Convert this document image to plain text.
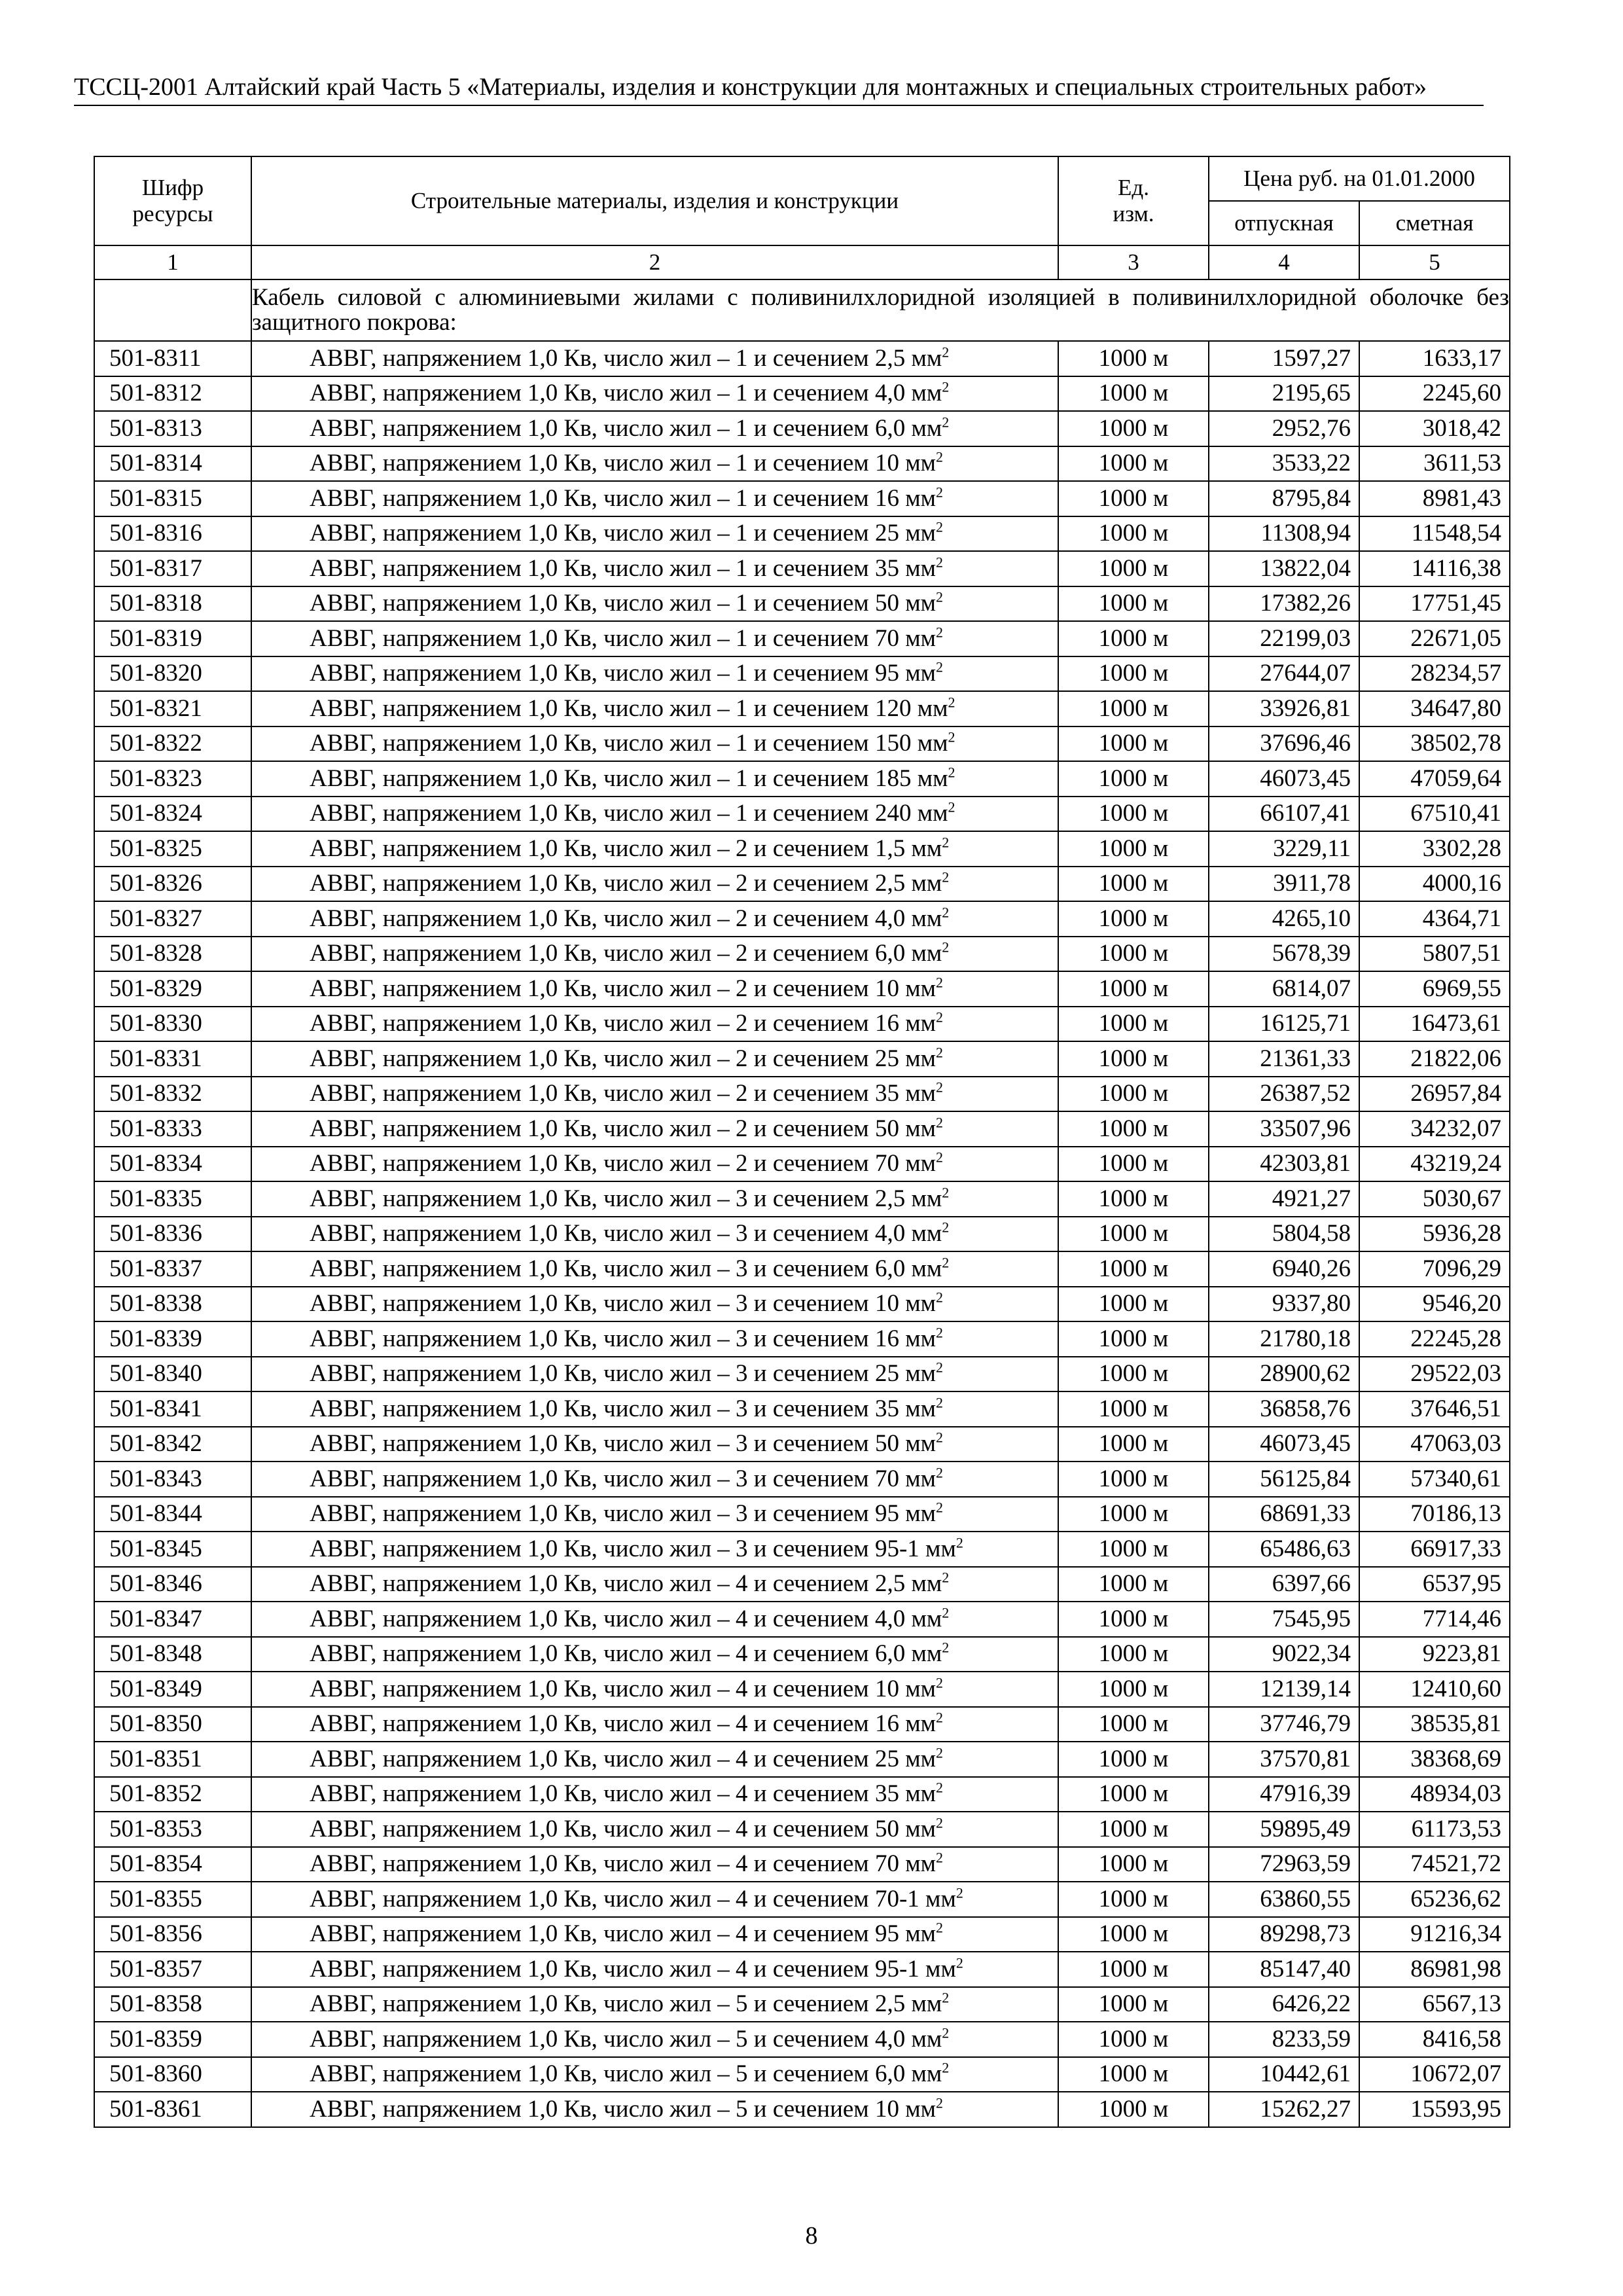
ТССЦ-2001 Алтайский край Часть 5 «Материалы, изделия и конструкции для монтажных и специальных строительных работ»
Шифр ресурсы	Строительные материалы, изделия и конструкции	Ед. изм.	Цена руб. на 01.01.2000	
			отпускная	сметная
1	2	3	4	5
	Кабель силовой с алюминиевыми жилами с поливинилхлоридной изоляцией в поливинилхлоридной оболочке без защитного покрова:			
501-8311	АВВГ, напряжением 1,0 Кв, число жил – 1 и сечением 2,5 $мм^2$	1000 м	1597,27	1633,17
501-8312	АВВГ, напряжением 1,0 Кв, число жил – 1 и сечением 4,0 $мм^2$	1000 м	2195,65	2245,60
501-8313	АВВГ, напряжением 1,0 Кв, число жил – 1 и сечением 6,0 $мм^2$	1000 м	2952,76	3018,42
501-8314	АВВГ, напряжением 1,0 Кв, число жил – 1 и сечением 10 $мм^2$	1000 м	3533,22	3611,53
501-8315	АВВГ, напряжением 1,0 Кв, число жил – 1 и сечением 16 $мм^2$	1000 м	8795,84	8981,43
501-8316	АВВГ, напряжением 1,0 Кв, число жил – 1 и сечением 25 $мм^2$	1000 м	11308,94	11548,54
501-8317	АВВГ, напряжением 1,0 Кв, число жил – 1 и сечением 35 $мм^2$	1000 м	13822,04	14116,38
501-8318	АВВГ, напряжением 1,0 Кв, число жил – 1 и сечением 50 $мм^2$	1000 м	17382,26	17751,45
501-8319	АВВГ, напряжением 1,0 Кв, число жил – 1 и сечением 70 $мм^2$	1000 м	22199,03	22671,05
501-8320	АВВГ, напряжением 1,0 Кв, число жил – 1 и сечением 95 $мм^2$	1000 м	27644,07	28234,57
501-8321	АВВГ, напряжением 1,0 Кв, число жил – 1 и сечением 120 $мм^2$	1000 м	33926,81	34647,80
501-8322	АВВГ, напряжением 1,0 Кв, число жил – 1 и сечением 150 $мм^2$	1000 м	37696,46	38502,78
501-8323	АВВГ, напряжением 1,0 Кв, число жил – 1 и сечением 185 $мм^2$	1000 м	46073,45	47059,64
501-8324	АВВГ, напряжением 1,0 Кв, число жил – 1 и сечением 240 $мм^2$	1000 м	66107,41	67510,41
501-8325	АВВГ, напряжением 1,0 Кв, число жил – 2 и сечением 1,5 $мм^2$	1000 м	3229,11	3302,28
501-8326	АВВГ, напряжением 1,0 Кв, число жил – 2 и сечением 2,5 $мм^2$	1000 м	3911,78	4000,16
501-8327	АВВГ, напряжением 1,0 Кв, число жил – 2 и сечением 4,0 $мм^2$	1000 м	4265,10	4364,71
501-8328	АВВГ, напряжением 1,0 Кв, число жил – 2 и сечением 6,0 $мм^2$	1000 м	5678,39	5807,51
501-8329	АВВГ, напряжением 1,0 Кв, число жил – 2 и сечением 10 $мм^2$	1000 м	6814,07	6969,55
501-8330	АВВГ, напряжением 1,0 Кв, число жил – 2 и сечением 16 $мм^2$	1000 м	16125,71	16473,61
501-8331	АВВГ, напряжением 1,0 Кв, число жил – 2 и сечением 25 $мм^2$	1000 м	21361,33	21822,06
501-8332	АВВГ, напряжением 1,0 Кв, число жил – 2 и сечением 35 $мм^2$	1000 м	26387,52	26957,84
501-8333	АВВГ, напряжением 1,0 Кв, число жил – 2 и сечением 50 $мм^2$	1000 м	33507,96	34232,07
501-8334	АВВГ, напряжением 1,0 Кв, число жил – 2 и сечением 70 $мм^2$	1000 м	42303,81	43219,24
501-8335	АВВГ, напряжением 1,0 Кв, число жил – 3 и сечением 2,5 $мм^2$	1000 м	4921,27	5030,67
501-8336	АВВГ, напряжением 1,0 Кв, число жил – 3 и сечением 4,0 $мм^2$	1000 м	5804,58	5936,28
501-8337	АВВГ, напряжением 1,0 Кв, число жил – 3 и сечением 6,0 $мм^2$	1000 м	6940,26	7096,29
501-8338	АВВГ, напряжением 1,0 Кв, число жил – 3 и сечением 10 $мм^2$	1000 м	9337,80	9546,20
501-8339	АВВГ, напряжением 1,0 Кв, число жил – 3 и сечением 16 $мм^2$	1000 м	21780,18	22245,28
501-8340	АВВГ, напряжением 1,0 Кв, число жил – 3 и сечением 25 $мм^2$	1000 м	28900,62	29522,03
501-8341	АВВГ, напряжением 1,0 Кв, число жил – 3 и сечением 35 $мм^2$	1000 м	36858,76	37646,51
501-8342	АВВГ, напряжением 1,0 Кв, число жил – 3 и сечением 50 $мм^2$	1000 м	46073,45	47063,03
501-8343	АВВГ, напряжением 1,0 Кв, число жил – 3 и сечением 70 $мм^2$	1000 м	56125,84	57340,61
501-8344	АВВГ, напряжением 1,0 Кв, число жил – 3 и сечением 95 $мм^2$	1000 м	68691,33	70186,13
501-8345	АВВГ, напряжением 1,0 Кв, число жил – 3 и сечением 95-1 $мм^2$	1000 м	65486,63	66917,33
501-8346	АВВГ, напряжением 1,0 Кв, число жил – 4 и сечением 2,5 $мм^2$	1000 м	6397,66	6537,95
501-8347	АВВГ, напряжением 1,0 Кв, число жил – 4 и сечением 4,0 $мм^2$	1000 м	7545,95	7714,46
501-8348	АВВГ, напряжением 1,0 Кв, число жил – 4 и сечением 6,0 $мм^2$	1000 м	9022,34	9223,81
501-8349	АВВГ, напряжением 1,0 Кв, число жил – 4 и сечением 10 $мм^2$	1000 м	12139,14	12410,60
501-8350	АВВГ, напряжением 1,0 Кв, число жил – 4 и сечением 16 $мм^2$	1000 м	37746,79	38535,81
501-8351	АВВГ, напряжением 1,0 Кв, число жил – 4 и сечением 25 $мм^2$	1000 м	37570,81	38368,69
501-8352	АВВГ, напряжением 1,0 Кв, число жил – 4 и сечением 35 $мм^2$	1000 м	47916,39	48934,03
501-8353	АВВГ, напряжением 1,0 Кв, число жил – 4 и сечением 50 $мм^2$	1000 м	59895,49	61173,53
501-8354	АВВГ, напряжением 1,0 Кв, число жил – 4 и сечением 70 $мм^2$	1000 м	72963,59	74521,72
501-8355	АВВГ, напряжением 1,0 Кв, число жил – 4 и сечением 70-1 $мм^2$	1000 м	63860,55	65236,62
501-8356	АВВГ, напряжением 1,0 Кв, число жил – 4 и сечением 95 $мм^2$	1000 м	89298,73	91216,34
501-8357	АВВГ, напряжением 1,0 Кв, число жил – 4 и сечением 95-1 $мм^2$	1000 м	85147,40	86981,98
501-8358	АВВГ, напряжением 1,0 Кв, число жил – 5 и сечением 2,5 $мм^2$	1000 м	6426,22	6567,13
501-8359	АВВГ, напряжением 1,0 Кв, число жил – 5 и сечением 4,0 $мм^2$	1000 м	8233,59	8416,58
501-8360	АВВГ, напряжением 1,0 Кв, число жил – 5 и сечением 6,0 $мм^2$	1000 м	10442,61	10672,07
501-8361	АВВГ, напряжением 1,0 Кв, число жил – 5 и сечением 10 $мм^2$	1000 м	15262,27	15593,95
8
